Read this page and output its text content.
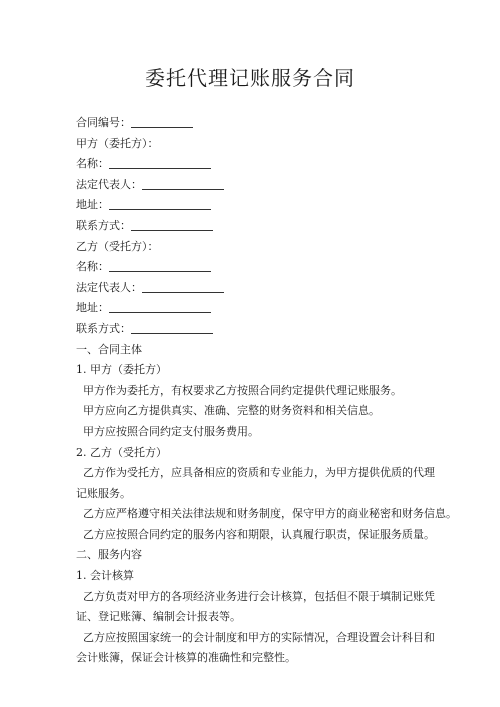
委托代理记账服务合同
合同编号：
甲方（委托方）：
名称：
法定代表人：
地址：
联系方式：
乙方（受托方）：
名称：
法定代表人：
地址：
联系方式：
一、合同主体
1. 甲方（委托方）
甲方作为委托方，有权要求乙方按照合同约定提供代理记账服务。
甲方应向乙方提供真实、准确、完整的财务资料和相关信息。
甲方应按照合同约定支付服务费用。
2. 乙方（受托方）
乙方作为受托方，应具备相应的资质和专业能力，为甲方提供优质的代理记账服务。
乙方应严格遵守相关法律法规和财务制度，保守甲方的商业秘密和财务信息。
乙方应按照合同约定的服务内容和期限，认真履行职责，保证服务质量。
二、服务内容
1. 会计核算
乙方负责对甲方的各项经济业务进行会计核算，包括但不限于填制记账凭证、登记账簿、编制会计报表等。
乙方应按照国家统一的会计制度和甲方的实际情况，合理设置会计科目和会计账簿，保证会计核算的准确性和完整性。
